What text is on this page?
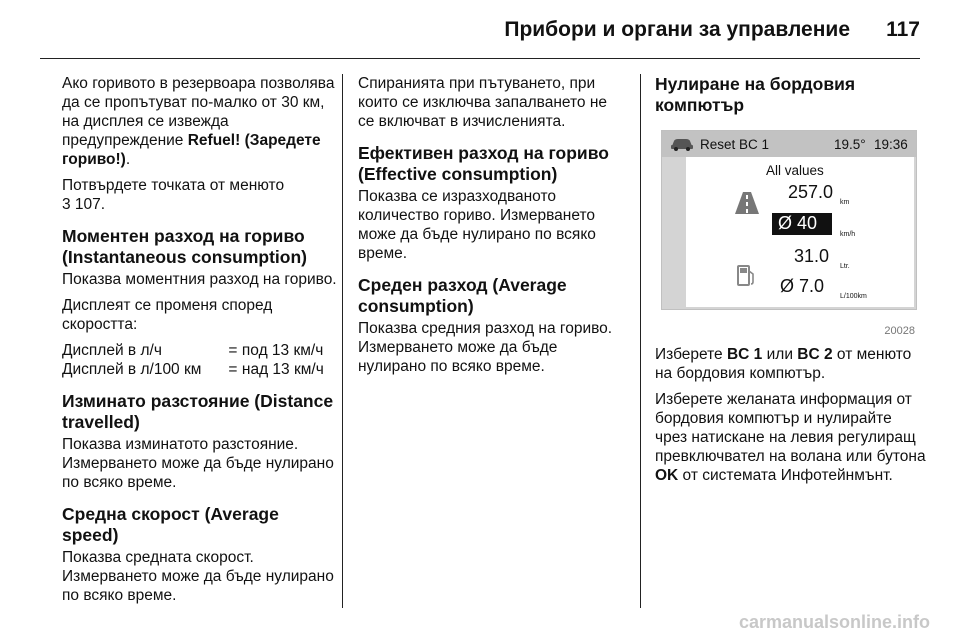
Прибори и органи за управление 117

Ако горивото в резервоара позволява да се пропътуват по-малко от 30 км, на дисплея се извежда предупреждение Refuel! (Заредете гориво!).

Потвърдете точката от менюто
3 107.

Моментен разход на гориво (Instantaneous consumption)

Показва моментния разход на гориво.

Дисплеят се променя според скоростта:

Дисплей в л/ч	=	под 13 км/ч
Дисплей в л/100 км	=	над 13 км/ч
Изминато разстояние (Distance travelled)

Показва изминатото разстояние. Измерването може да бъде нулирано по всяко време.

Средна скорост (Average speed)

Показва средната скорост. Измерването може да бъде нулирано по всяко време.

Спиранията при пътуването, при които се изключва запалването не се включват в изчисленията.

Ефективен разход на гориво (Effective consumption)

Показва се изразходваното количество гориво. Измерването може да бъде нулирано по всяко време.

Среден разход (Average consumption)

Показва средния разход на гориво. Измерването може да бъде нулирано по всяко време.

Нулиране на бордовия компютър
Reset BC 1	19.5° 19:36
All values
257.0
km
Ø 40
km/h
31.0
Ltr.
Ø 7.0
L/100km
20028

Изберете BC 1 или BC 2 от менюто на бордовия компютър.

Изберете желаната информация от бордовия компютър и нулирайте чрез натискане на левия регулиращ превключвател на волана или бутона OK от системата Инфотейнмънт.

carmanualsonline.info
